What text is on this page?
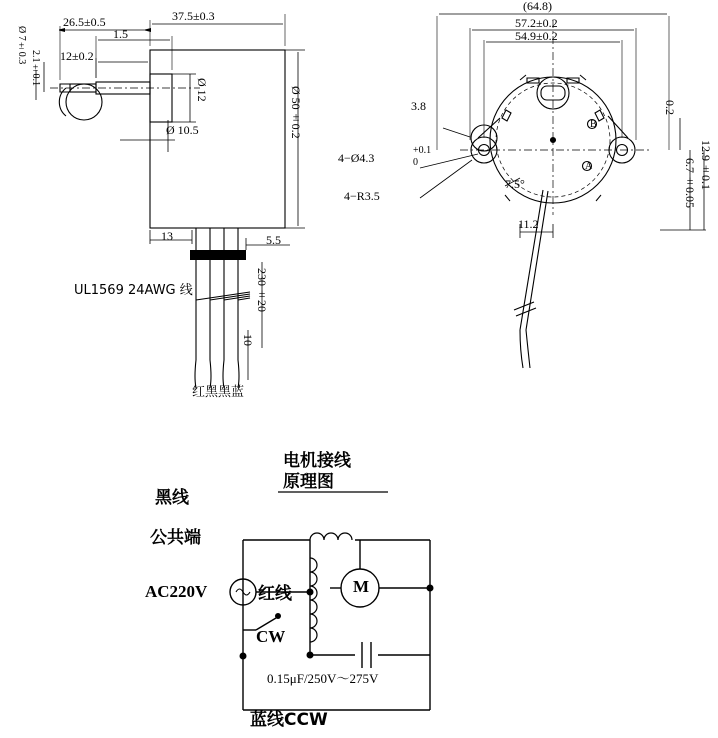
26.5±0.5	37.5±0.3
1.5
12±0.2
Ø 7±0.3
2.1±0.1
Ø 12
Ø 10.5	Ø 50±0.2
13	5.5
230±20
10
UL1569 24AWG 线
红黑黑蓝
(64.8)
57.2±0.2
54.9±0.2
3.8
4−Ø4.3
+0.1
0
4−R3.5
7.5°
11.2
0.2
6.7±0.05 12.9±0.1
B
A
电机接线
原理图
黑线
公共端
AC220V	红线
CW
M
0.15μF/250V～275V
蓝线CCW
